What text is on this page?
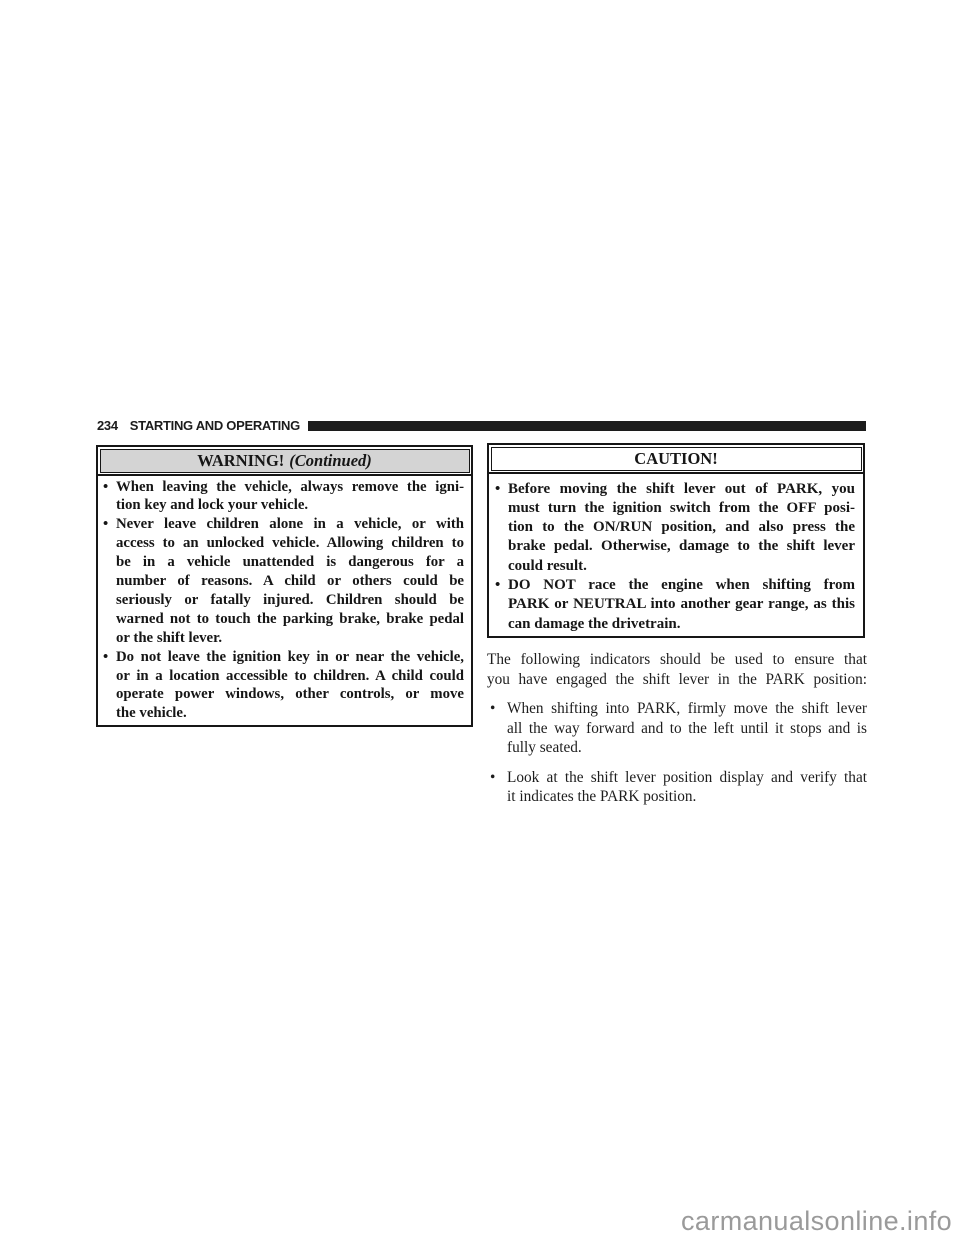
234 STARTING AND OPERATING
WARNING! (Continued)
• When leaving the vehicle, always remove the igni-
tion key and lock your vehicle.
• Never leave children alone in a vehicle, or with
access to an unlocked vehicle. Allowing children to
be in a vehicle unattended is dangerous for a
number of reasons. A child or others could be
seriously or fatally injured. Children should be
warned not to touch the parking brake, brake pedal
or the shift lever.
• Do not leave the ignition key in or near the vehicle,
or in a location accessible to children. A child could
operate power windows, other controls, or move
the vehicle.
CAUTION!
• Before moving the shift lever out of PARK, you
must turn the ignition switch from the OFF posi-
tion to the ON/RUN position, and also press the
brake pedal. Otherwise, damage to the shift lever
could result.
• DO NOT race the engine when shifting from
PARK or NEUTRAL into another gear range, as this
can damage the drivetrain.
The following indicators should be used to ensure that
you have engaged the shift lever in the PARK position:
• When shifting into PARK, firmly move the shift lever
all the way forward and to the left until it stops and is
fully seated.
• Look at the shift lever position display and verify that
it indicates the PARK position.
carmanualsonline.info
